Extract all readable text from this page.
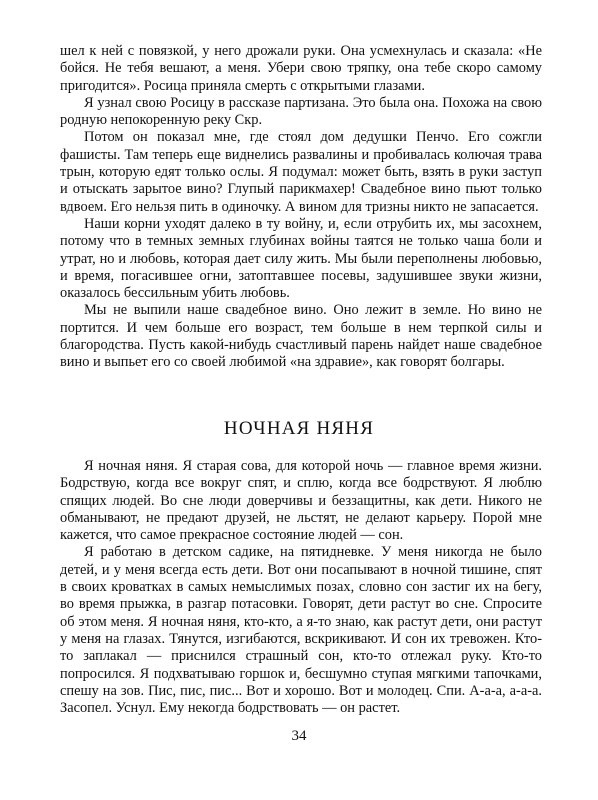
шел к ней с повязкой, у него дрожали руки. Она усмехнулась и сказала: «Не бойся. Не тебя вешают, а меня. Убери свою тряпку, она тебе скоро самому пригодится». Росица приняла смерть с открытыми глазами.

Я узнал свою Росицу в рассказе партизана. Это была она. Похожа на свою родную непокоренную реку Скр.

Потом он показал мне, где стоял дом дедушки Пенчо. Его сожгли фашисты. Там теперь еще виднелись развалины и пробивалась колючая трава трын, которую едят только ослы. Я подумал: может быть, взять в руки заступ и отыскать зарытое вино? Глупый парикмахер! Свадебное вино пьют только вдвоем. Его нельзя пить в одиночку. А вином для тризны никто не запасается.

Наши корни уходят далеко в ту войну, и, если отрубить их, мы засохнем, потому что в темных земных глубинах войны таятся не только чаша боли и утрат, но и любовь, которая дает силу жить. Мы были переполнены любовью, и время, погасившее огни, затоптавшее посевы, задушившее звуки жизни, оказалось бессильным убить любовь.

Мы не выпили наше свадебное вино. Оно лежит в земле. Но вино не портится. И чем больше его возраст, тем больше в нем терпкой силы и благородства. Пусть какой-нибудь счастливый парень найдет наше свадебное вино и выпьет его со своей любимой «на здравие», как говорят болгары.

НОЧНАЯ НЯНЯ

Я ночная няня. Я старая сова, для которой ночь — главное время жизни. Бодрствую, когда все вокруг спят, и сплю, когда все бодрствуют. Я люблю спящих людей. Во сне люди доверчивы и беззащитны, как дети. Никого не обманывают, не предают друзей, не льстят, не делают карьеру. Порой мне кажется, что самое прекрасное состояние людей — сон.

Я работаю в детском садике, на пятидневке. У меня никогда не было детей, и у меня всегда есть дети. Вот они посапывают в ночной тишине, спят в своих кроватках в самых немыслимых позах, словно сон застиг их на бегу, во время прыжка, в разгар потасовки. Говорят, дети растут во сне. Спросите об этом меня. Я ночная няня, кто-кто, а я-то знаю, как растут дети, они растут у меня на глазах. Тянутся, изгибаются, вскрикивают. И сон их тревожен. Кто-то заплакал — приснился страшный сон, кто-то отлежал руку. Кто-то попросился. Я подхватываю горшок и, бесшумно ступая мягкими тапочками, спешу на зов. Пис, пис, пис... Вот и хорошо. Вот и молодец. Спи. А-а-а, а-а-а. Засопел. Уснул. Ему некогда бодрствовать — он растет.

34
